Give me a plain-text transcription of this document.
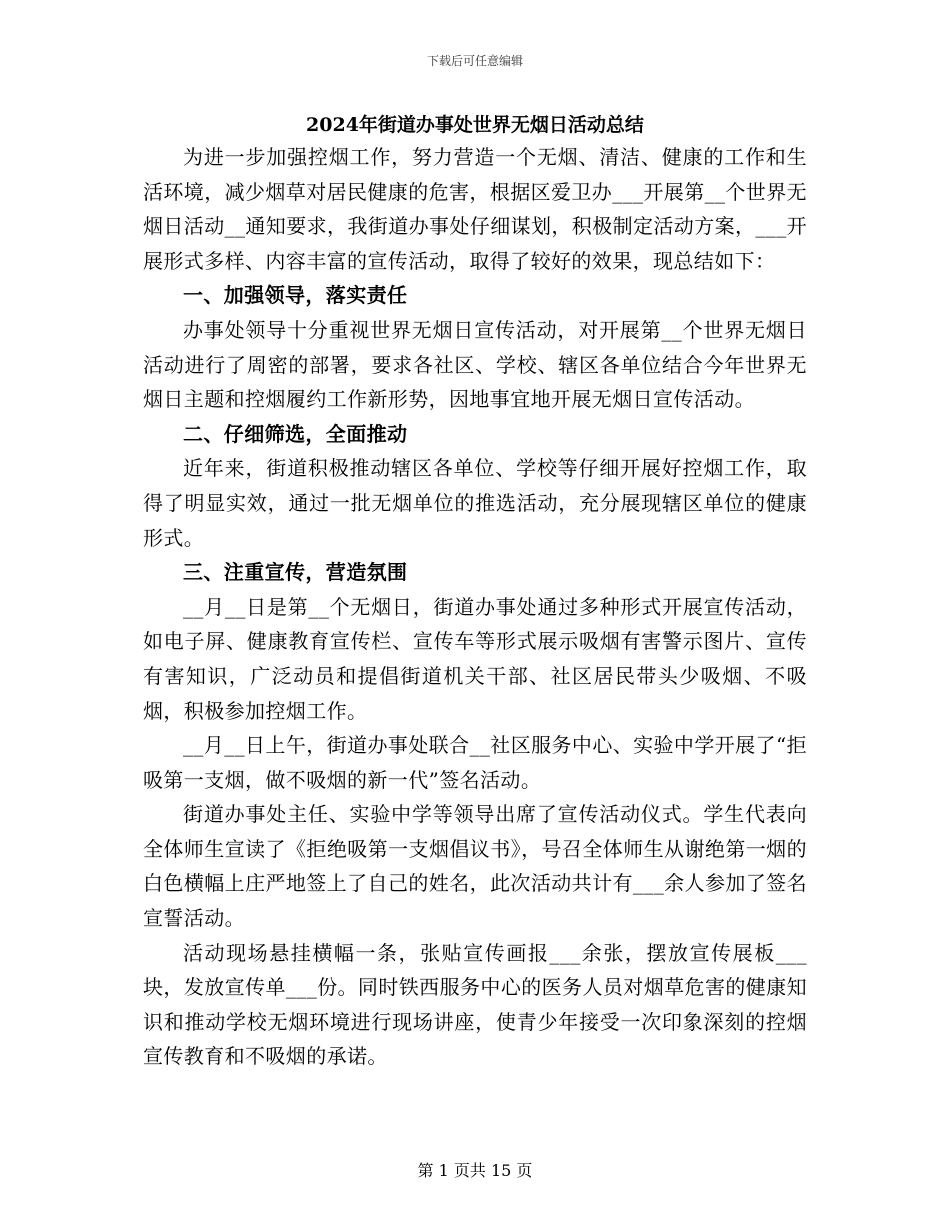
下载后可任意编辑
2024年街道办事处世界无烟日活动总结

为进一步加强控烟工作，努力营造一个无烟、清洁、健康的工作和生活环境，减少烟草对居民健康的危害，根据区爱卫办___开展第__个世界无烟日活动__通知要求，我街道办事处仔细谋划，积极制定活动方案，___开展形式多样、内容丰富的宣传活动，取得了较好的效果，现总结如下：

一、加强领导，落实责任

办事处领导十分重视世界无烟日宣传活动，对开展第__个世界无烟日活动进行了周密的部署，要求各社区、学校、辖区各单位结合今年世界无烟日主题和控烟履约工作新形势，因地事宜地开展无烟日宣传活动。

二、仔细筛选，全面推动

近年来，街道积极推动辖区各单位、学校等仔细开展好控烟工作，取得了明显实效，通过一批无烟单位的推选活动，充分展现辖区单位的健康形式。

三、注重宣传，营造氛围

__月__日是第__个无烟日，街道办事处通过多种形式开展宣传活动，如电子屏、健康教育宣传栏、宣传车等形式展示吸烟有害警示图片、宣传有害知识，广泛动员和提倡街道机关干部、社区居民带头少吸烟、不吸烟，积极参加控烟工作。

__月__日上午，街道办事处联合__社区服务中心、实验中学开展了“拒吸第一支烟，做不吸烟的新一代”签名活动。

街道办事处主任、实验中学等领导出席了宣传活动仪式。学生代表向全体师生宣读了《拒绝吸第一支烟倡议书》，号召全体师生从谢绝第一烟的白色横幅上庄严地签上了自己的姓名，此次活动共计有___余人参加了签名宣誓活动。

活动现场悬挂横幅一条，张贴宣传画报___余张，摆放宣传展板___块，发放宣传单___份。同时铁西服务中心的医务人员对烟草危害的健康知识和推动学校无烟环境进行现场讲座，使青少年接受一次印象深刻的控烟宣传教育和不吸烟的承诺。

第 1 页共 15 页
